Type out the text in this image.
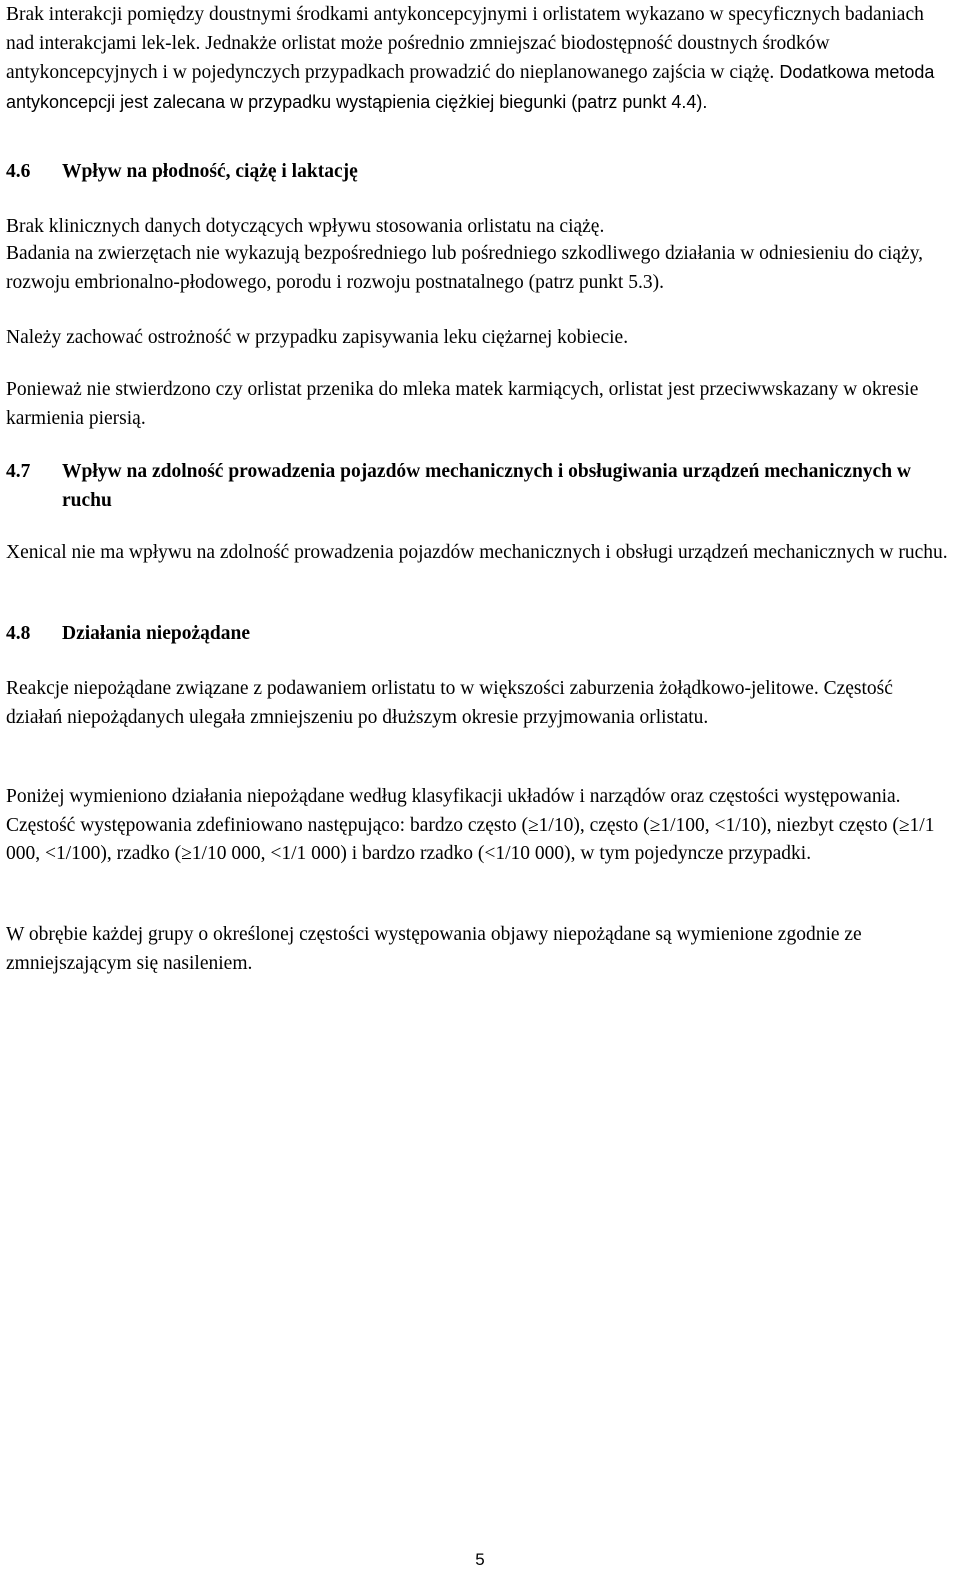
Brak interakcji pomiędzy doustnymi środkami antykoncepcyjnymi i orlistatem wykazano w specyficznych badaniach nad interakcjami lek-lek. Jednakże orlistat może pośrednio zmniejszać biodostępność doustnych środków antykoncepcyjnych i w pojedynczych przypadkach prowadzić do nieplanowanego zajścia w ciążę. Dodatkowa metoda antykoncepcji jest zalecana w przypadku wystąpienia ciężkiej biegunki (patrz punkt 4.4).

4.6	Wpływ na płodność, ciążę i laktację

Brak klinicznych danych dotyczących wpływu stosowania orlistatu na ciążę.

Badania na zwierzętach nie wykazują bezpośredniego lub pośredniego szkodliwego działania w odniesieniu do ciąży, rozwoju embrionalno-płodowego, porodu i rozwoju postnatalnego (patrz punkt 5.3).

Należy zachować ostrożność w przypadku zapisywania leku ciężarnej kobiecie.

Ponieważ nie stwierdzono czy orlistat przenika do mleka matek karmiących, orlistat jest przeciwwskazany w okresie karmienia piersią.

4.7	Wpływ na zdolność prowadzenia pojazdów mechanicznych i obsługiwania urządzeń mechanicznych w ruchu

Xenical nie ma wpływu na zdolność prowadzenia pojazdów mechanicznych i obsługi urządzeń mechanicznych w ruchu.

4.8	Działania niepożądane

Reakcje niepożądane związane z podawaniem orlistatu to w większości zaburzenia żołądkowo-jelitowe. Częstość działań niepożądanych ulegała zmniejszeniu po dłuższym okresie przyjmowania orlistatu.

Poniżej wymieniono działania niepożądane według klasyfikacji układów i narządów oraz częstości występowania. Częstość występowania zdefiniowano następująco: bardzo często (≥1/10), często (≥1/100, <1/10), niezbyt często (≥1/1 000, <1/100), rzadko (≥1/10 000, <1/1 000) i bardzo rzadko (<1/10 000), w tym pojedyncze przypadki.

W obrębie każdej grupy o określonej częstości występowania objawy niepożądane są wymienione zgodnie ze zmniejszającym się nasileniem.

5
